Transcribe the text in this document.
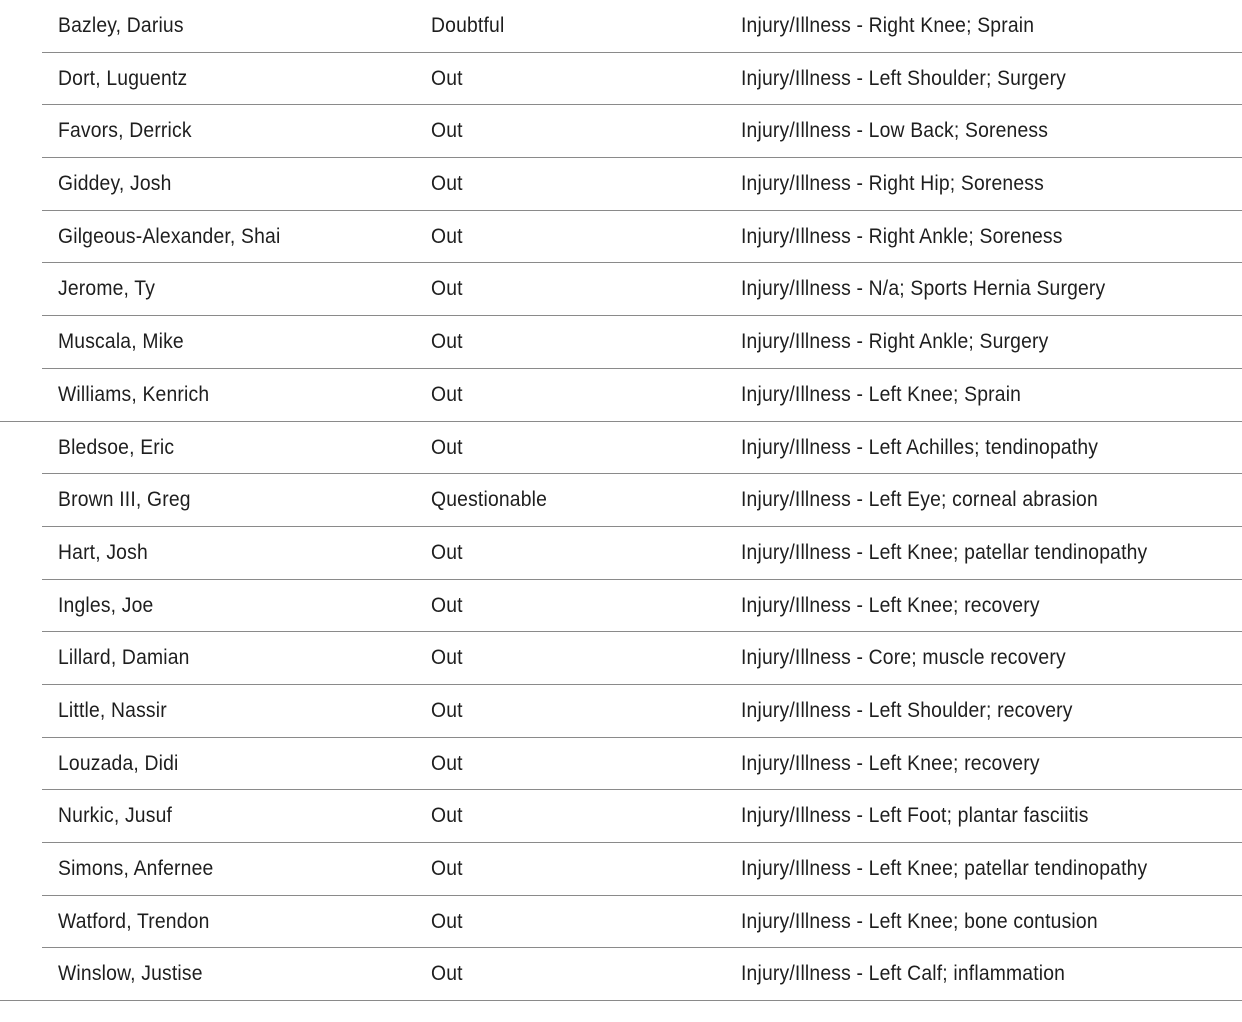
Bazley, Darius	Doubtful	Injury/Illness - Right Knee; Sprain
Dort, Luguentz	Out	Injury/Illness - Left Shoulder; Surgery
Favors, Derrick	Out	Injury/Illness - Low Back; Soreness
Giddey, Josh	Out	Injury/Illness - Right Hip; Soreness
Gilgeous-Alexander, Shai	Out	Injury/Illness - Right Ankle; Soreness
Jerome, Ty	Out	Injury/Illness - N/a; Sports Hernia Surgery
Muscala, Mike	Out	Injury/Illness - Right Ankle; Surgery
Williams, Kenrich	Out	Injury/Illness - Left Knee; Sprain
Bledsoe, Eric	Out	Injury/Illness - Left Achilles; tendinopathy
Brown III, Greg	Questionable	Injury/Illness - Left Eye; corneal abrasion
Hart, Josh	Out	Injury/Illness - Left Knee; patellar tendinopathy
Ingles, Joe	Out	Injury/Illness - Left Knee; recovery
Lillard, Damian	Out	Injury/Illness - Core; muscle recovery
Little, Nassir	Out	Injury/Illness - Left Shoulder; recovery
Louzada, Didi	Out	Injury/Illness - Left Knee; recovery
Nurkic, Jusuf	Out	Injury/Illness - Left Foot; plantar fasciitis
Simons, Anfernee	Out	Injury/Illness - Left Knee; patellar tendinopathy
Watford, Trendon	Out	Injury/Illness - Left Knee; bone contusion
Winslow, Justise	Out	Injury/Illness - Left Calf; inflammation
